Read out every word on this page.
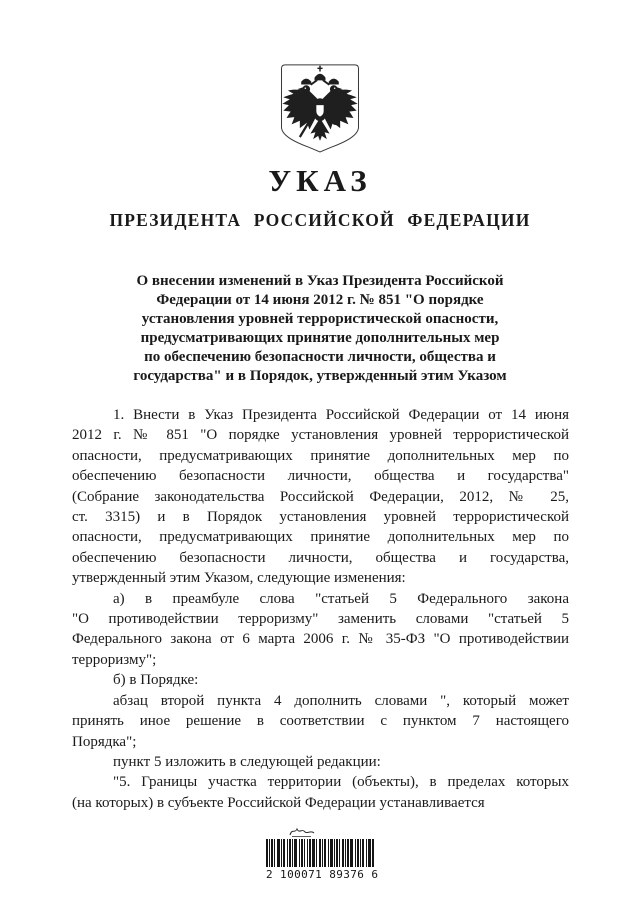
УКАЗ
ПРЕЗИДЕНТА РОССИЙСКОЙ ФЕДЕРАЦИИ
О внесении изменений в Указ Президента Российской
Федерации от 14 июня 2012 г. № 851 "О порядке
установления уровней террористической опасности,
предусматривающих принятие дополнительных мер
по обеспечению безопасности личности, общества и
государства" и в Порядок, утвержденный этим Указом
1. Внести в Указ Президента Российской Федерации от 14 июня
2012 г. № 851 "О порядке установления уровней террористической
опасности, предусматривающих принятие дополнительных мер по
обеспечению безопасности личности, общества и государства"
(Собрание законодательства Российской Федерации, 2012, № 25,
ст. 3315) и в Порядок установления уровней террористической
опасности, предусматривающих принятие дополнительных мер по
обеспечению безопасности личности, общества и государства,
утвержденный этим Указом, следующие изменения:
а) в преамбуле слова "статьей 5 Федерального закона
"О противодействии терроризму" заменить словами "статьей 5
Федерального закона от 6 марта 2006 г. № 35-ФЗ "О противодействии
терроризму";
б) в Порядке:
абзац второй пункта 4 дополнить словами ", который может
принять иное решение в соответствии с пунктом 7 настоящего
Порядка";
пункт 5 изложить в следующей редакции:
"5. Границы участка территории (объекты), в пределах которых
(на которых) в субъекте Российской Федерации устанавливается
2 100071 89376 6
